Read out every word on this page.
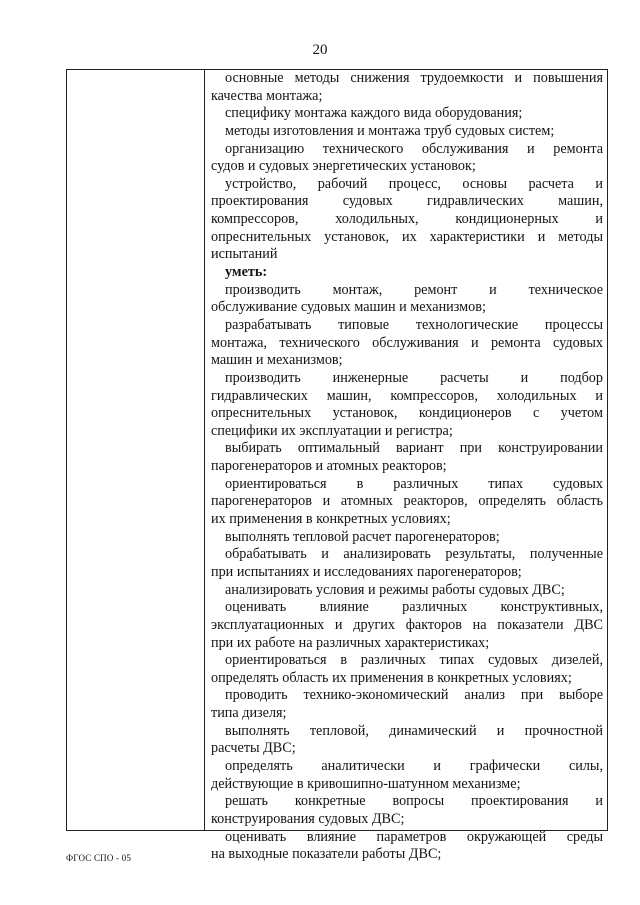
20
основные методы снижения трудоемкости и повышения
качества монтажа;
специфику монтажа каждого вида оборудования;
методы изготовления и монтажа труб судовых систем;
организацию технического обслуживания и ремонта
судов и судовых энергетических установок;
устройство, рабочий процесс, основы расчета и
проектирования судовых гидравлических машин,
компрессоров, холодильных, кондиционерных и
опреснительных установок, их характеристики и методы
испытаний
уметь:
производить монтаж, ремонт и техническое
обслуживание судовых машин и механизмов;
разрабатывать типовые технологические процессы
монтажа, технического обслуживания и ремонта судовых
машин и механизмов;
производить инженерные расчеты и подбор
гидравлических машин, компрессоров, холодильных и
опреснительных установок, кондиционеров с учетом
специфики их эксплуатации и регистра;
выбирать оптимальный вариант при конструировании
парогенераторов и атомных реакторов;
ориентироваться в различных типах судовых
парогенераторов и атомных реакторов, определять область
их применения в конкретных условиях;
выполнять тепловой расчет парогенераторов;
обрабатывать и анализировать результаты, полученные
при испытаниях и исследованиях парогенераторов;
анализировать условия и режимы работы судовых ДВС;
оценивать влияние различных конструктивных,
эксплуатационных и других факторов на показатели ДВС
при их работе на различных характеристиках;
ориентироваться в различных типах судовых дизелей,
определять область их применения в конкретных условиях;
проводить технико-экономический анализ при выборе
типа дизеля;
выполнять тепловой, динамический и прочностной
расчеты ДВС;
определять аналитически и графически силы,
действующие в кривошипно-шатунном механизме;
решать конкретные вопросы проектирования и
конструирования судовых ДВС;
оценивать влияние параметров окружающей среды
на выходные показатели работы ДВС;
ФГОС СПО - 05
